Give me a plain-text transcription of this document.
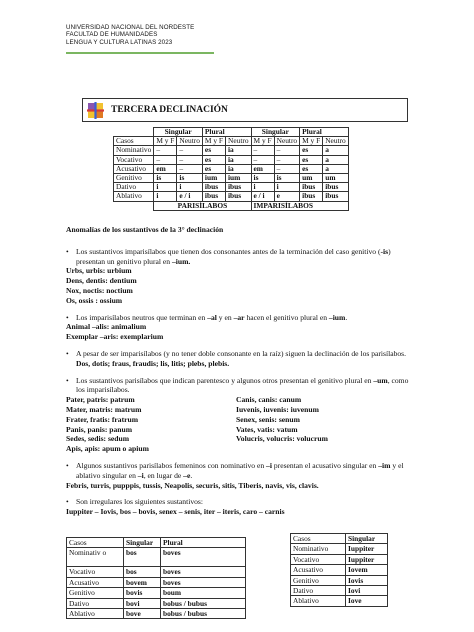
UNIVERSIDAD NACIONAL DEL NORDESTE
FACULTAD DE HUMANIDADES
LENGUA Y CULTURA LATINAS 2023
TERCERA DECLINACIÓN
	Singular		Plural		Singular		Plural	
Casos	M y F	Neutro	M y F	Neutro	M y F	Neutro	M y F	Neutro
Nominativo	–	–	es	ia	–	–	es	a
Vocativo	–	–	es	ia	–	–	es	a
Acusativo	em	–	es	ia	em	–	es	a
Genitivo	is	is	ium	ium	is	is	um	um
Dativo	i	i	ibus	ibus	i	i	ibus	ibus
Ablativo	i	e / i	ibus	ibus	e / i	e	ibus	ibus
	PARISÍLABOS				IMPARISÍLABOS			

Anomalías de los sustantivos de la 3° declinación

• Los sustantivos imparisílabos que tienen dos consonantes antes de la terminación del caso genitivo (-is) presentan un genitivo plural en –ium.

Urbs, urbis: urbium

Dens, dentis: dentium

Nox, noctis: noctium

Os, ossis : ossium

• Los imparisílabos neutros que terminan en –al y en –ar hacen el genitivo plural en –ium.

Animal –alis: animalium

Exemplar –aris: exemplarium

• A pesar de ser imparisílabos (y no tener doble consonante en la raíz) siguen la declinación de los parisílabos.

Dos, dotis; fraus, fraudis; lis, litis; plebs, plebis.

• Los sustantivos parisílabos que indican parentesco y algunos otros presentan el genitivo plural en –um, como los imparisílabos.

Pater, patris: patrum

Mater, matris: matrum

Frater, fratis: fratrum

Panis, panis: panum

Sedes, sedis: sedum

Apis, apis: apum o apium

Canis, canis: canum

Iuvenis, iuvenis: iuvenum

Senex, senis: senum

Vates, vatis: vatum

Volucris, volucris: volucrum

• Algunos sustantivos parisílabos femeninos con nominativo en –i presentan el acusativo singular en –im y el ablativo singular en –i, en lugar de –e.

Febris, turris, pupppis, tussis, Neapolis, securis, sitis, Tiberis, navis, vis, clavis.

• Son irregulares los siguientes sustantivos:

Iuppiter – Iovis, bos – bovis, senex – senis, iter – iteris, caro – carnis

Casos	Singular	Plural
Nominativ o	bos	boves
Vocativo	bos	boves
Acusativo	bovem	boves
Genitivo	bovis	boum
Dativo	bovi	bobus / bubus
Ablativo	bove	bobus / bubus
Casos	Singular
Nominativo	Iuppiter
Vocativo	Iuppiter
Acusativo	Iovem
Genitivo	Iovis
Dativo	Iovi
Ablativo	Iove
